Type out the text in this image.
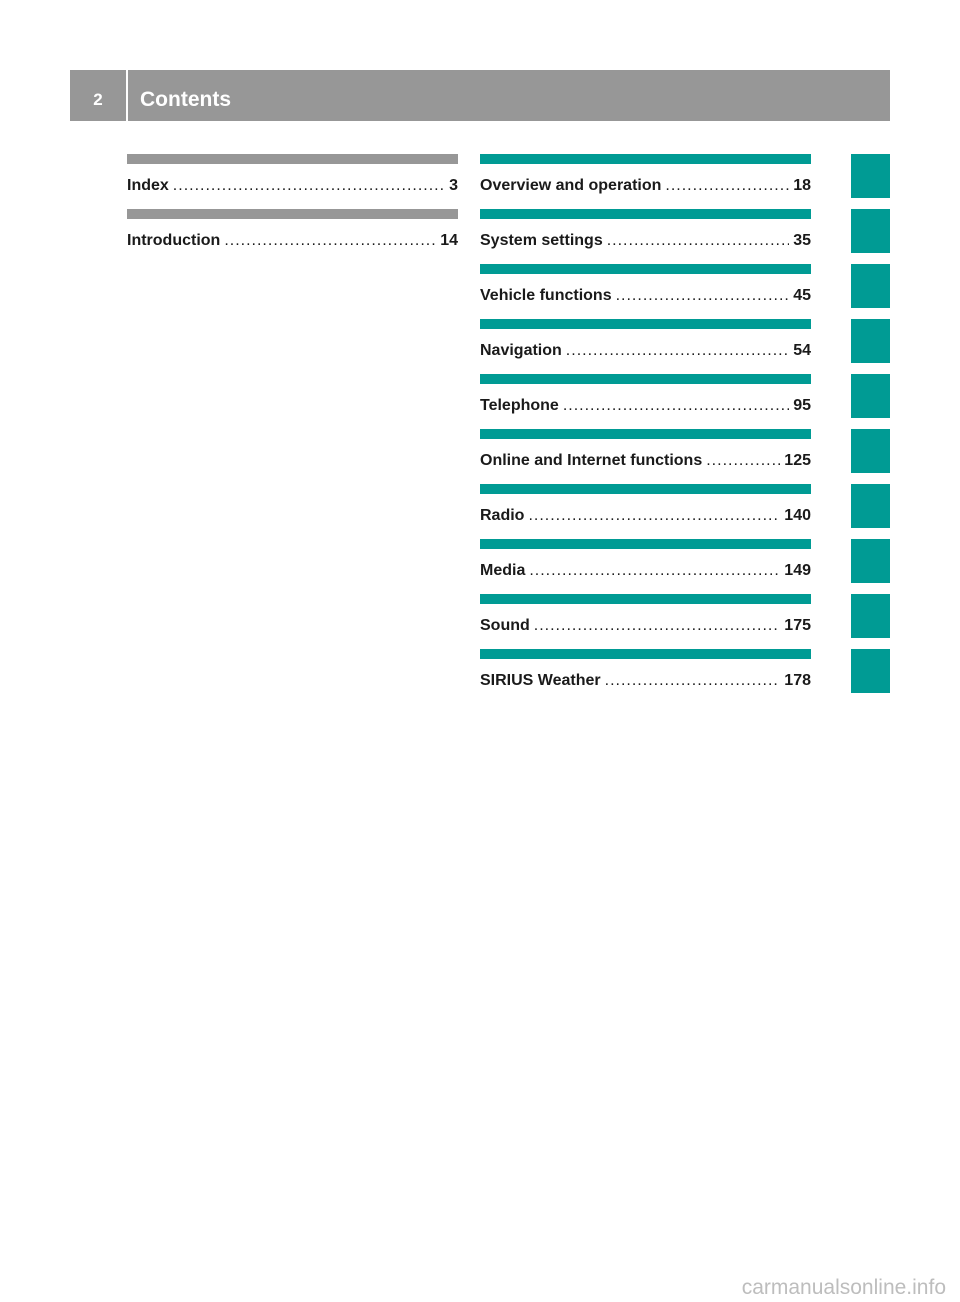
2	Contents
Index .....	3
Introduction .....	14
Overview and operation .....	18
System settings .....	35
Vehicle functions .....	45
Navigation .....	54
Telephone .....	95
Online and Internet functions .....	125
Radio .....	140
Media .....	149
Sound .....	175
SIRIUS Weather .....	178
carmanualsonline.info
